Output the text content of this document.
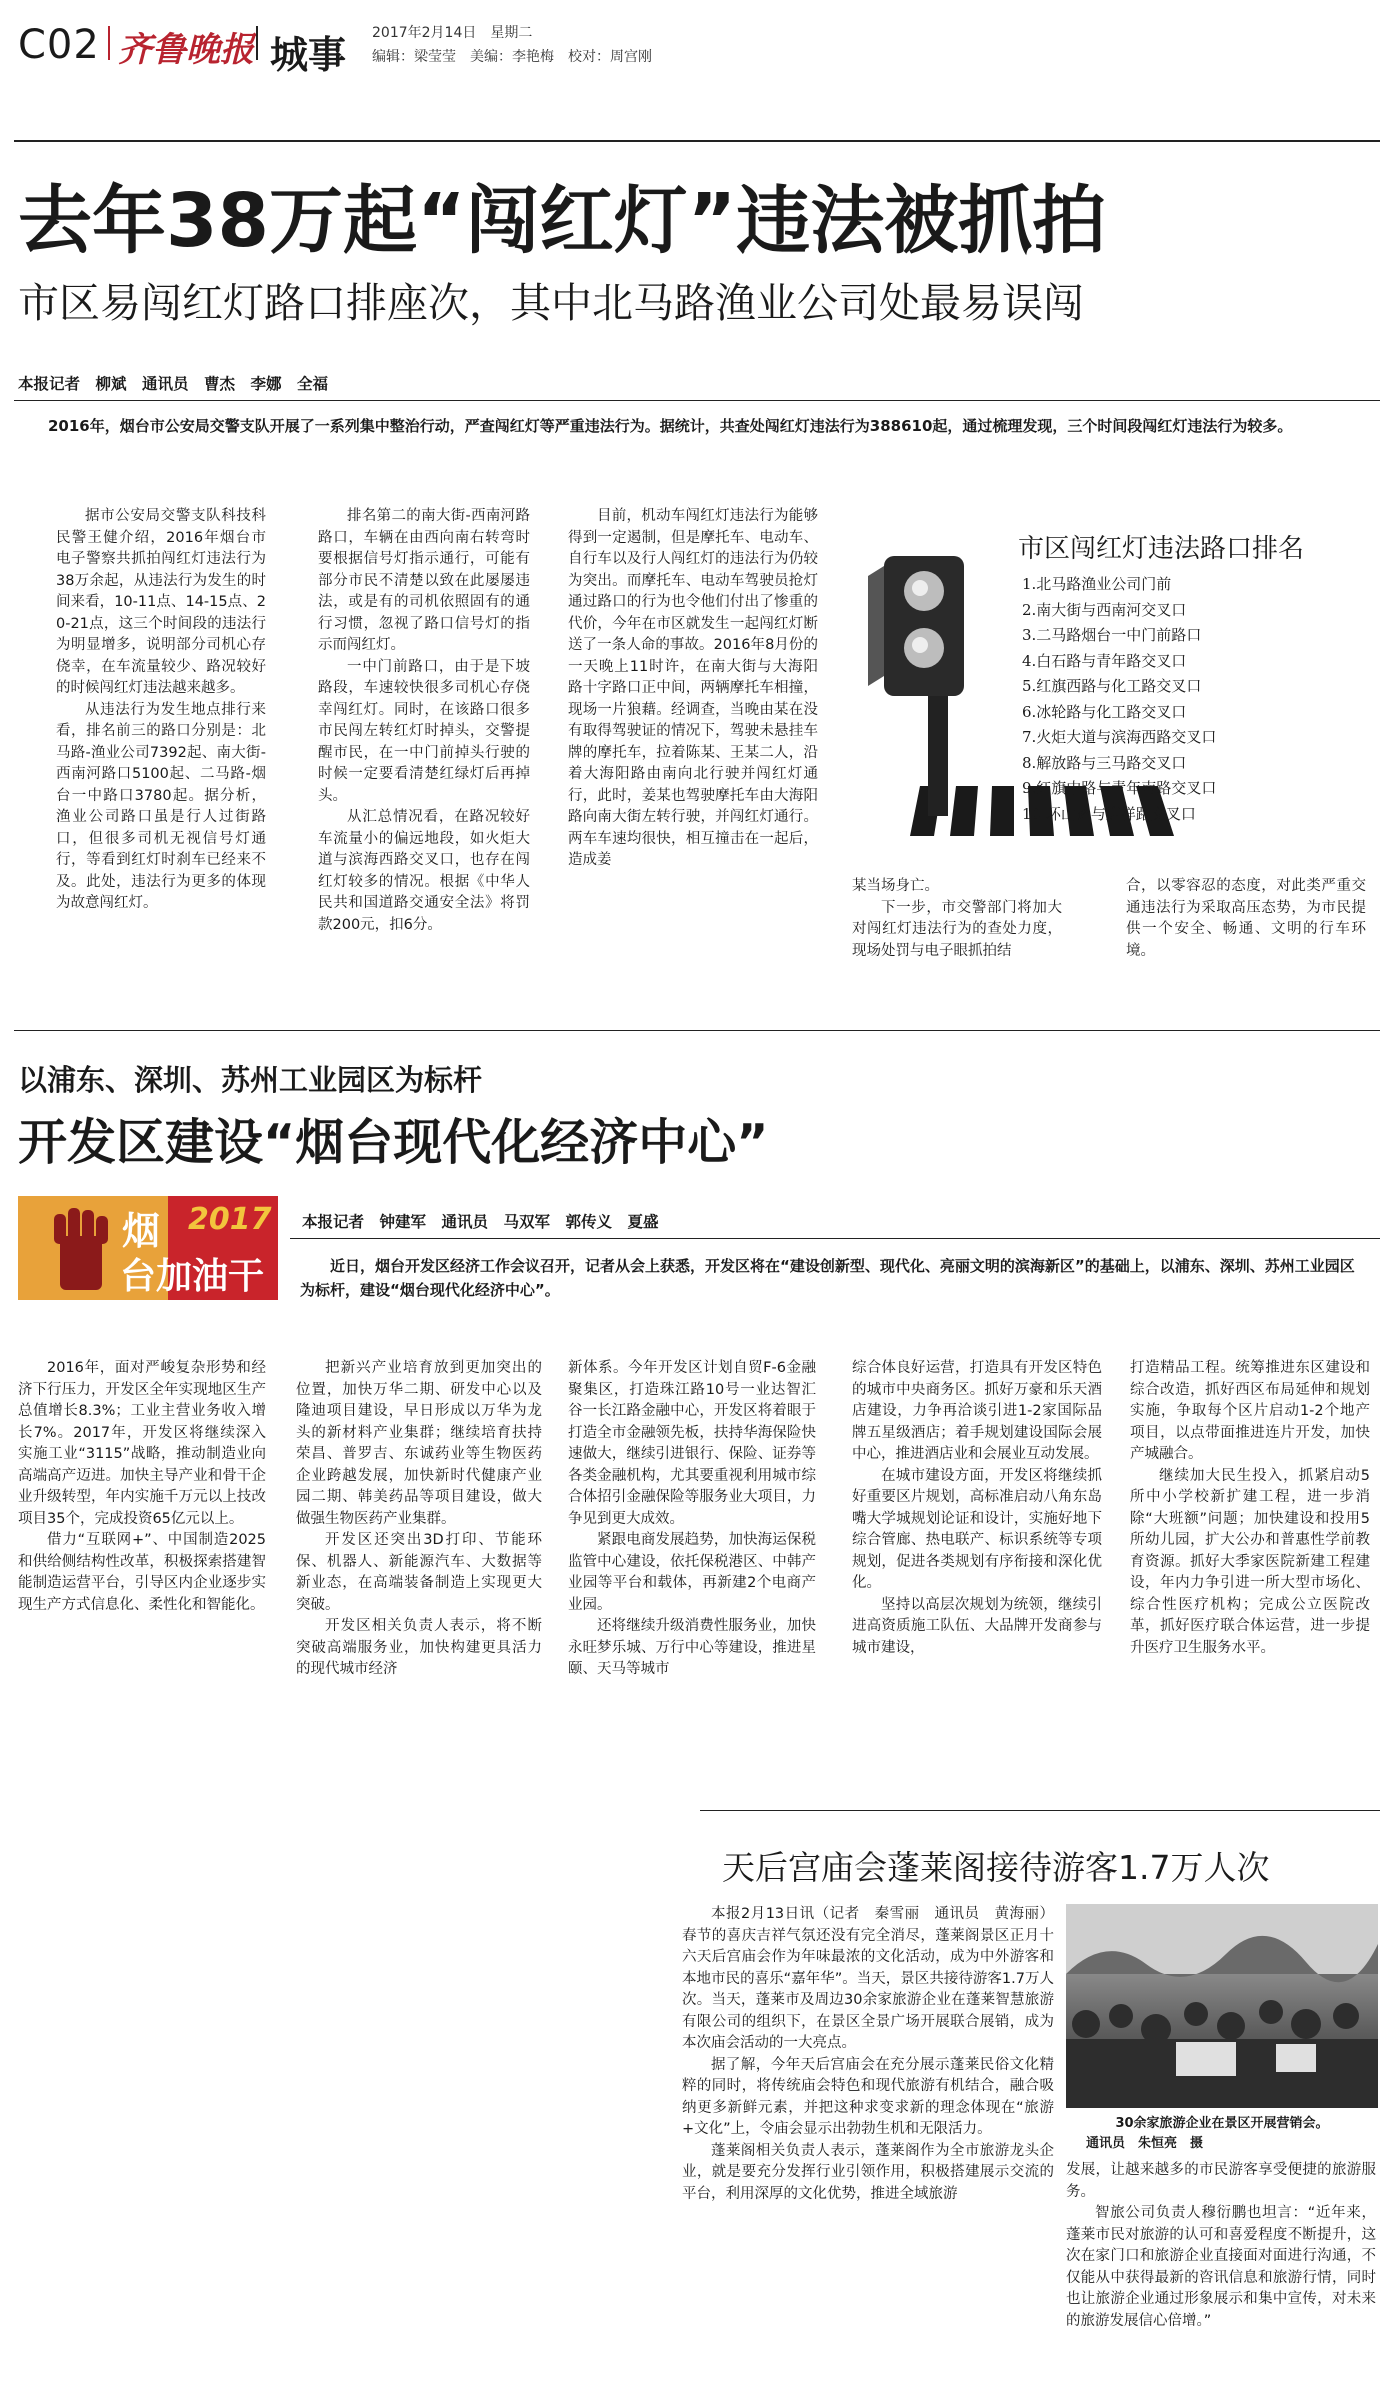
C02 齐鲁晚报 城事 2017年2月14日　星期二
编辑：梁莹莹　美编：李艳梅　校对：周宫刚
去年38万起“闯红灯”违法被抓拍
市区易闯红灯路口排座次，其中北马路渔业公司处最易误闯
本报记者　柳斌　通讯员　曹杰　李娜　全福
2016年，烟台市公安局交警支队开展了一系列集中整治行动，严查闯红灯等严重违法行为。据统计，共查处闯红灯违法行为388610起，通过梳理发现，三个时间段闯红灯违法行为较多。

据市公安局交警支队科技科民警王健介绍，2016年烟台市电子警察共抓拍闯红灯违法行为38万余起，从违法行为发生的时间来看，10-11点、14-15点、20-21点，这三个时间段的违法行为明显增多，说明部分司机心存侥幸，在车流量较少、路况较好的时候闯红灯违法越来越多。

从违法行为发生地点排行来看，排名前三的路口分别是：北马路-渔业公司7392起、南大街-西南河路口5100起、二马路-烟台一中路口3780起。据分析，渔业公司路口虽是行人过街路口，但很多司机无视信号灯通行，等看到红灯时刹车已经来不及。此处，违法行为更多的体现为故意闯红灯。

排名第二的南大街-西南河路路口，车辆在由西向南右转弯时要根据信号灯指示通行，可能有部分市民不清楚以致在此屡屡违法，或是有的司机依照固有的通行习惯，忽视了路口信号灯的指示而闯红灯。

一中门前路口，由于是下坡路段，车速较快很多司机心存侥幸闯红灯。同时，在该路口很多市民闯左转红灯时掉头，交警提醒市民，在一中门前掉头行驶的时候一定要看清楚红绿灯后再掉头。

从汇总情况看，在路况较好车流量小的偏远地段，如火炬大道与滨海西路交叉口，也存在闯红灯较多的情况。根据《中华人民共和国道路交通安全法》将罚款200元，扣6分。

目前，机动车闯红灯违法行为能够得到一定遏制，但是摩托车、电动车、自行车以及行人闯红灯的违法行为仍较为突出。而摩托车、电动车驾驶员抢灯通过路口的行为也令他们付出了惨重的代价，今年在市区就发生一起闯红灯断送了一条人命的事故。2016年8月份的一天晚上11时许，在南大街与大海阳路十字路口正中间，两辆摩托车相撞，现场一片狼藉。经调查，当晚由某在没有取得驾驶证的情况下，驾驶未悬挂车牌的摩托车，拉着陈某、王某二人，沿着大海阳路由南向北行驶并闯红灯通行，此时，姜某也驾驶摩托车由大海阳路向南大街左转行驶，并闯红灯通行。两车车速均很快，相互撞击在一起后，造成姜

市区闯红灯违法路口排名
1.北马路渔业公司门前
2.南大街与西南河交叉口
3.二马路烟台一中门前路口
4.白石路与青年路交叉口
5.红旗西路与化工路交叉口
6.冰轮路与化工路交叉口
7.火炬大道与滨海西路交叉口
8.解放路与三马路交叉口
9.红旗中路与青年南路交叉口
10.环山路与迎祥路交叉口

某当场身亡。

下一步，市交警部门将加大对闯红灯违法行为的查处力度，现场处罚与电子眼抓拍结

合，以零容忍的态度，对此类严重交通违法行为采取高压态势，为市民提供一个安全、畅通、文明的行车环境。

以浦东、深圳、苏州工业园区为标杆
开发区建设“烟台现代化经济中心”
烟 2017
台加油干
本报记者　钟建军　通讯员　马双军　郭传义　夏盛
近日，烟台开发区经济工作会议召开，记者从会上获悉，开发区将在“建设创新型、现代化、亮丽文明的滨海新区”的基础上，以浦东、深圳、苏州工业园区为标杆，建设“烟台现代化经济中心”。

2016年，面对严峻复杂形势和经济下行压力，开发区全年实现地区生产总值增长8.3%；工业主营业务收入增长7%。2017年，开发区将继续深入实施工业“3115”战略，推动制造业向高端高产迈进。加快主导产业和骨干企业升级转型，年内实施千万元以上技改项目35个，完成投资65亿元以上。

借力“互联网+”、中国制造2025和供给侧结构性改革，积极探索搭建智能制造运营平台，引导区内企业逐步实现生产方式信息化、柔性化和智能化。

把新兴产业培育放到更加突出的位置，加快万华二期、研发中心以及隆迪项目建设，早日形成以万华为龙头的新材料产业集群；继续培育扶持荣昌、普罗吉、东诚药业等生物医药企业跨越发展，加快新时代健康产业园二期、韩美药品等项目建设，做大做强生物医药产业集群。

开发区还突出3D打印、节能环保、机器人、新能源汽车、大数据等新业态，在高端装备制造上实现更大突破。

开发区相关负责人表示，将不断突破高端服务业，加快构建更具活力的现代城市经济

新体系。今年开发区计划自贸F-6金融聚集区，打造珠江路10号一业达智汇谷一长江路金融中心，开发区将着眼于打造全市金融领先板，扶持华海保险快速做大，继续引进银行、保险、证券等各类金融机构，尤其要重视利用城市综合体招引金融保险等服务业大项目，力争见到更大成效。

紧跟电商发展趋势，加快海运保税监管中心建设，依托保税港区、中韩产业园等平台和载体，再新建2个电商产业园。

还将继续升级消费性服务业，加快永旺梦乐城、万行中心等建设，推进星颐、天马等城市

综合体良好运营，打造具有开发区特色的城市中央商务区。抓好万豪和乐天酒店建设，力争再洽谈引进1-2家国际品牌五星级酒店；着手规划建设国际会展中心，推进酒店业和会展业互动发展。

在城市建设方面，开发区将继续抓好重要区片规划，高标准启动八角东岛嘴大学城规划论证和设计，实施好地下综合管廊、热电联产、标识系统等专项规划，促进各类规划有序衔接和深化优化。

坚持以高层次规划为统领，继续引进高资质施工队伍、大品牌开发商参与城市建设，

打造精品工程。统筹推进东区建设和综合改造，抓好西区布局延伸和规划实施，争取每个区片启动1-2个地产项目，以点带面推进连片开发，加快产城融合。

继续加大民生投入，抓紧启动5所中小学校新扩建工程，进一步消除“大班额”问题；加快建设和投用5所幼儿园，扩大公办和普惠性学前教育资源。抓好大季家医院新建工程建设，年内力争引进一所大型市场化、综合性医疗机构；完成公立医院改革，抓好医疗联合体运营，进一步提升医疗卫生服务水平。

天后宫庙会蓬莱阁接待游客1.7万人次

本报2月13日讯（记者　秦雪丽　通讯员　黄海丽）春节的喜庆吉祥气氛还没有完全消尽，蓬莱阁景区正月十六天后宫庙会作为年味最浓的文化活动，成为中外游客和本地市民的喜乐“嘉年华”。当天，景区共接待游客1.7万人次。当天，蓬莱市及周边30余家旅游企业在蓬莱智慧旅游有限公司的组织下，在景区全景广场开展联合展销，成为本次庙会活动的一大亮点。

据了解，今年天后宫庙会在充分展示蓬莱民俗文化精粹的同时，将传统庙会特色和现代旅游有机结合，融合吸纳更多新鲜元素，并把这种求变求新的理念体现在“旅游+文化”上，令庙会显示出勃勃生机和无限活力。

蓬莱阁相关负责人表示，蓬莱阁作为全市旅游龙头企业，就是要充分发挥行业引领作用，积极搭建展示交流的平台，利用深厚的文化优势，推进全域旅游

30余家旅游企业在景区开展营销会。
通讯员　朱恒亮　摄

发展，让越来越多的市民游客享受便捷的旅游服务。

智旅公司负责人穆衍鹏也坦言：“近年来，蓬莱市民对旅游的认可和喜爱程度不断提升，这次在家门口和旅游企业直接面对面进行沟通，不仅能从中获得最新的咨讯信息和旅游行情，同时也让旅游企业通过形象展示和集中宣传，对未来的旅游发展信心倍增。”
